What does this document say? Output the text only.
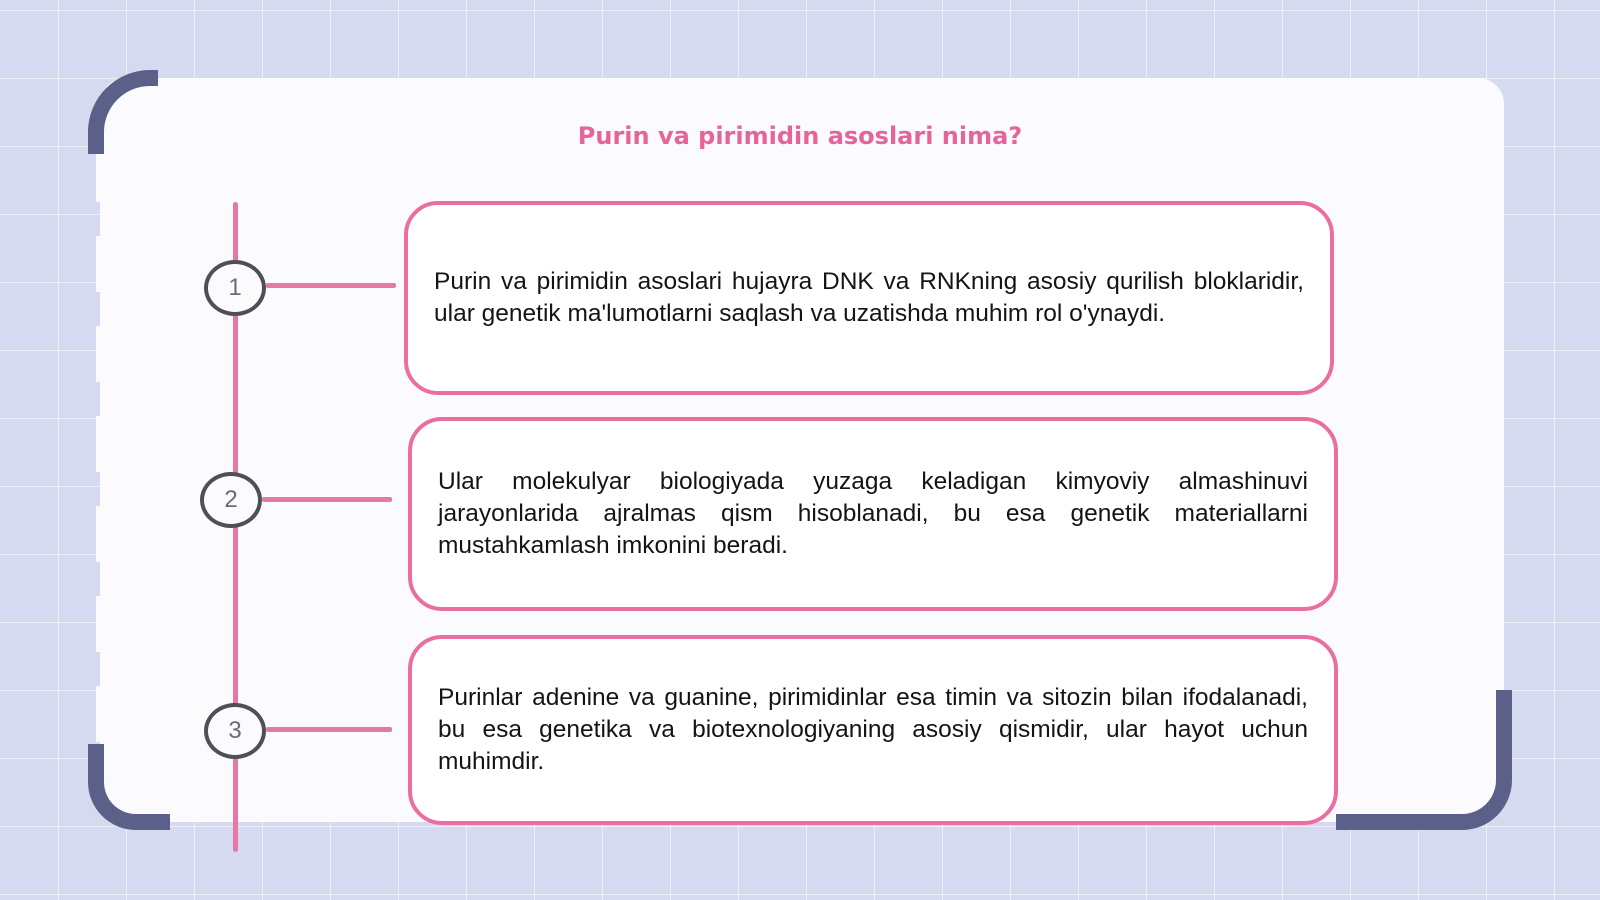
Purin va pirimidin asoslari nima?
1	Purin va pirimidin asoslari hujayra DNK va RNKning asosiy qurilish bloklaridir, ular genetik ma'lumotlarni saqlash va uzatishda muhim rol o'ynaydi.

2

Ular molekulyar biologiyada yuzaga keladigan kimyoviy almashinuvi jarayonlarida ajralmas qism hisoblanadi, bu esa genetik materiallarni mustahkamlash imkonini beradi.

3

Purinlar adenine va guanine, pirimidinlar esa timin va sitozin bilan ifodalanadi, bu esa genetika va biotexnologiyaning asosiy qismidir, ular hayot uchun muhimdir.
